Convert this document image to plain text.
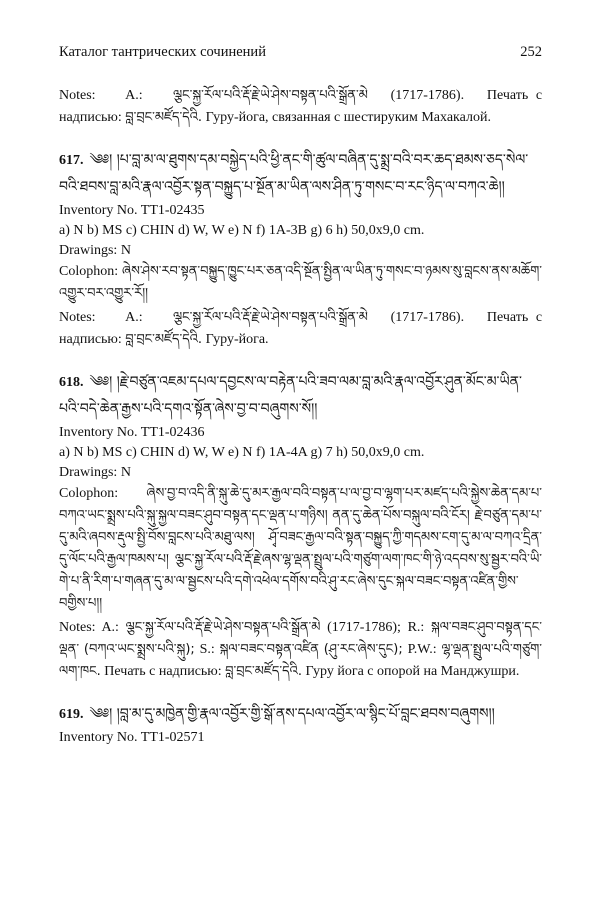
Каталог тантрических сочинений	252
Notes: A.: ལྕང་སྐྱ་རོལ་པའི་རྡོ་རྗེ་ཡེ་ཤེས་བསྟན་པའི་སྒྲོན་མེ (1717-1786). Печать с надписью: བླ་བྲང་མཛོད་དེའི. Гуру-йога, связанная с шестируким Махакалой.
617. ༄༅། །པ་བླ་མ་ལ་ཐུགས་དམ་བསྐྱེད་པའི་ཕྱི་ནང་གི་ཚུལ་བཞིན་དུ་སྨྲ་བའི་བར་ཆད་ཐམས་ཅད་སེལ་བའི་ཐབས་བླ་མའི་རྣལ་འབྱོར་སྟན་བསྐྱུད་པ་སྔོན་མ་ཡིན་ལས་ཤིན་ཏུ་གསང་བ་རང་ཉིད་ལ་བཀའ་ཆེ།།
Inventory No. TT1-02435
a) N b) MS c) CHIN d) W, W e) N f) 1A-3B g) 6 h) 50,0x9,0 cm.
Drawings: N
Colophon: ཞེས་ཤེས་རབ་སྟན་བསྐྱུད་ཁྱུང་པར་ཅན་འདི་སྔོན་སྤྱིན་ལ་ཡིན་ཏུ་གསང་བ་ཉམས་སུ་བླངས་ནས་མཆོག་འགྱུར་བར་འགྱུར་རོ།།
Notes: A.: ལྕང་སྐྱ་རོལ་པའི་རྡོ་རྗེ་ཡེ་ཤེས་བསྟན་པའི་སྒྲོན་མེ (1717-1786). Печать с надписью: བླ་བྲང་མཛོད་དེའི. Гуру-йога.
618. ༄༅། །རྗེ་བཙུན་འཇམ་དཔལ་དབྱངས་ལ་བརྟེན་པའི་ཟབ་ལམ་བླ་མའི་རྣལ་འབྱོར་ཤུན་མོང་མ་ཡིན་པའི་བདེ་ཆེན་རྒྱས་པའི་དགའ་སྟོན་ཞེས་བྱ་བ་བཞུགས་སོ།།
Inventory No. TT1-02436
a) N b) MS c) CHIN d) W, W e) N f) 1A-4A g) 7 h) 50,0x9,0 cm.
Drawings: N
Colophon: ཞེས་བྱ་བ་འདི་ནི་སྐུ་ཆེ་དུ་མར་རྒྱལ་བའི་བསྟན་པ་ལ་བྱ་བ་ལྷག་པར་མཛད་པའི་སྐྱེས་ཆེན་དམ་པ་བཀའ་ཡང་སྨྲས་པའི་སྐུ་སྐྱལ་བཟང་ཤུབ་བསྟན་དང་ལྡན་པ་གཉིས། ནན་དུ་ཆེན་པོས་བསྐུལ་བའི་ངོར། རྗེ་བཙུན་དམ་པ་དུ་མའི་ཞབས་རྡུལ་སྤྱི་བོས་བླངས་པའི་མཐུ་ལས། ཤྭོ་བཟང་རྒྱལ་བའི་སྟན་བསྐྱུད་ཀྱི་གདམས་ངག་དུ་མ་ལ་བཀའ་དྲིན་དུ་ལོང་པའི་རྒྱལ་ཁམས་པ། ལྕང་སྐྱ་རོལ་པའི་རྡོ་རྗེ་ཞས་ལྷ་ལྡན་སྤྲུལ་པའི་གཙུག་ལག་ཁང་གི་ཉེ་འདབས་སུ་སྦྱར་བའི་ཡི་གེ་པ་ནི་རིག་པ་གཞན་དུ་མ་ལ་སྦྱངས་པའི་དགེ་འཕེལ་དགོས་བའི་ཤུ་རང་ཞེས་དུང་སྐལ་བཟང་བསྟན་འཛིན་གྱིས་བགྱིས་པ།།
Notes: A.: ལྕང་སྐྱ་རོལ་པའི་རྡོ་རྗེ་ཡེ་ཤེས་བསྟན་པའི་སྒྲོན་མེ (1717-1786); R.: སྐལ་བཟང་ཤུབ་བསྟན་དང་ལྡན་ (བཀའ་ཡང་སྨྲས་པའི་སྐུ); S.: སྐལ་བཟང་བསྟན་འཛིན (ཤུ་རང་ཞེས་དུང); P.W.: ལྷ་ལྡན་སྤྲུལ་པའི་གཙུག་ལག་ཁང. Печать с надписью: བླ་བྲང་མཛོད་དེའི. Гуру йога с опорой на Манджушри.
619. ༄༅། །བླ་མ་དུ་མཁྱེན་གྱི་རྣལ་འབྱོར་གྱི་སྒོ་ནས་དཔལ་འབྱོར་ལ་སྙིང་པོ་བླང་ཐབས་བཞུགས།།
Inventory No. TT1-02571
